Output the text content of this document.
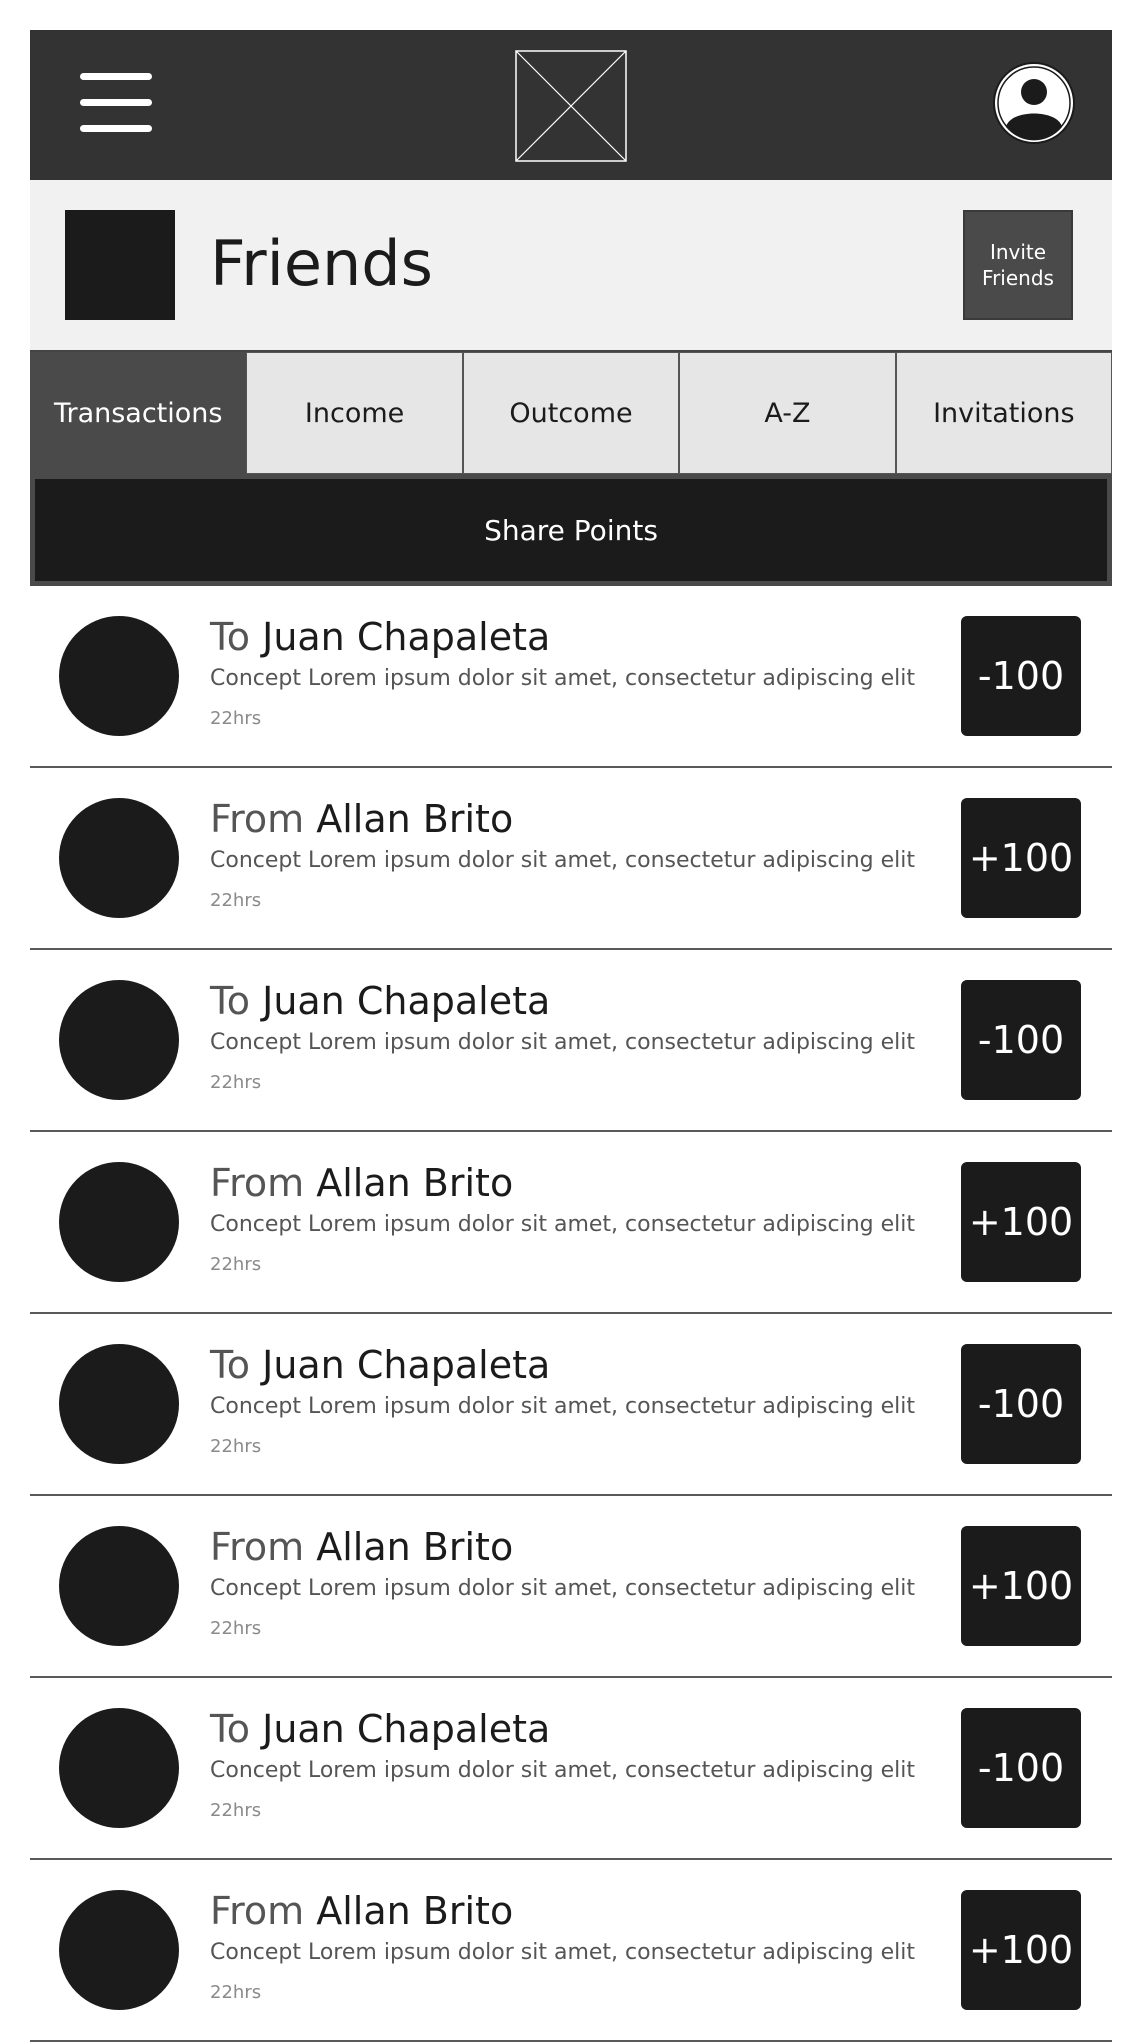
Friends	Invite
Friends
Transactions	Income	Outcome	A-Z	Invitations
Share Points
To Juan Chapaleta
Concept Lorem ipsum dolor sit amet, consectetur adipiscing elit
22hrs
-100
From Allan Brito
Concept Lorem ipsum dolor sit amet, consectetur adipiscing elit
22hrs
+100
To Juan Chapaleta
Concept Lorem ipsum dolor sit amet, consectetur adipiscing elit
22hrs
-100
From Allan Brito
Concept Lorem ipsum dolor sit amet, consectetur adipiscing elit
22hrs
+100
To Juan Chapaleta
Concept Lorem ipsum dolor sit amet, consectetur adipiscing elit
22hrs
-100
From Allan Brito
Concept Lorem ipsum dolor sit amet, consectetur adipiscing elit
22hrs
+100
To Juan Chapaleta
Concept Lorem ipsum dolor sit amet, consectetur adipiscing elit
22hrs
-100
From Allan Brito
Concept Lorem ipsum dolor sit amet, consectetur adipiscing elit
22hrs
+100
